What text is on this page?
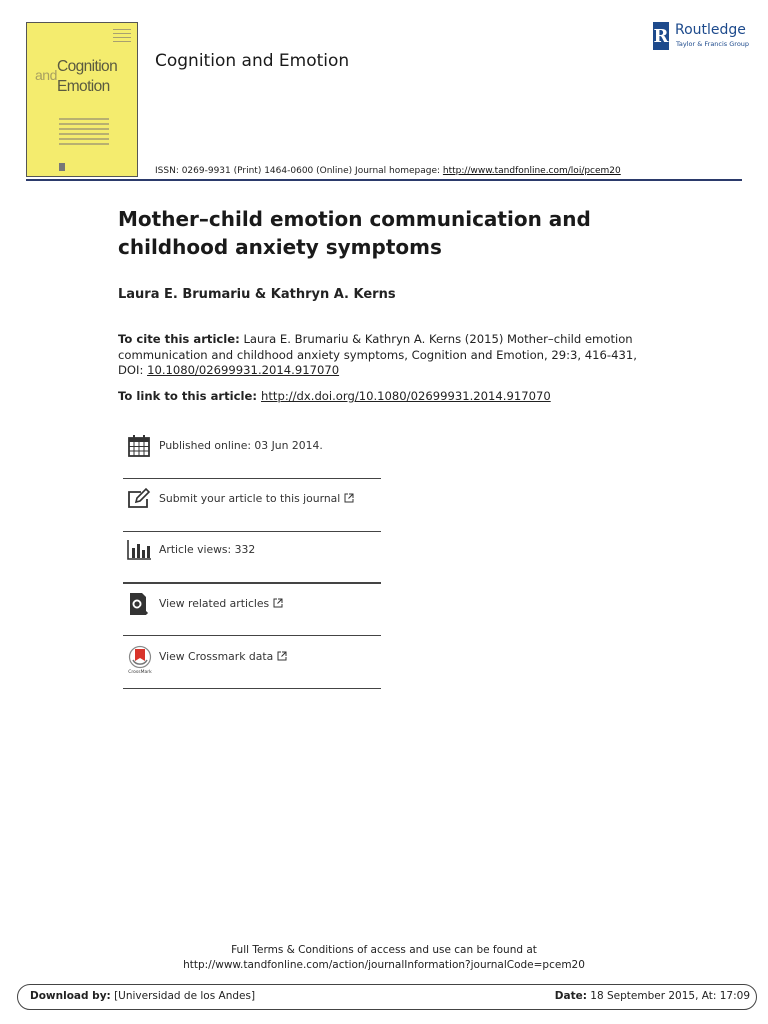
and Cognition
Emotion
Cognition and Emotion
R Routledge
Taylor & Francis Group
ISSN: 0269-9931 (Print) 1464-0600 (Online) Journal homepage: http://www.tandfonline.com/loi/pcem20
Mother–child emotion communication and childhood anxiety symptoms
Laura E. Brumariu & Kathryn A. Kerns
To cite this article: Laura E. Brumariu & Kathryn A. Kerns (2015) Mother–child emotion communication and childhood anxiety symptoms, Cognition and Emotion, 29:3, 416-431, DOI: 10.1080/02699931.2014.917070
To link to this article: http://dx.doi.org/10.1080/02699931.2014.917070
Published online: 03 Jun 2014.
Submit your article to this journal
Article views: 332
View related articles
CrossMark
View Crossmark data
Full Terms & Conditions of access and use can be found at
http://www.tandfonline.com/action/journalInformation?journalCode=pcem20
Download by: [Universidad de los Andes]	Date: 18 September 2015, At: 17:09
